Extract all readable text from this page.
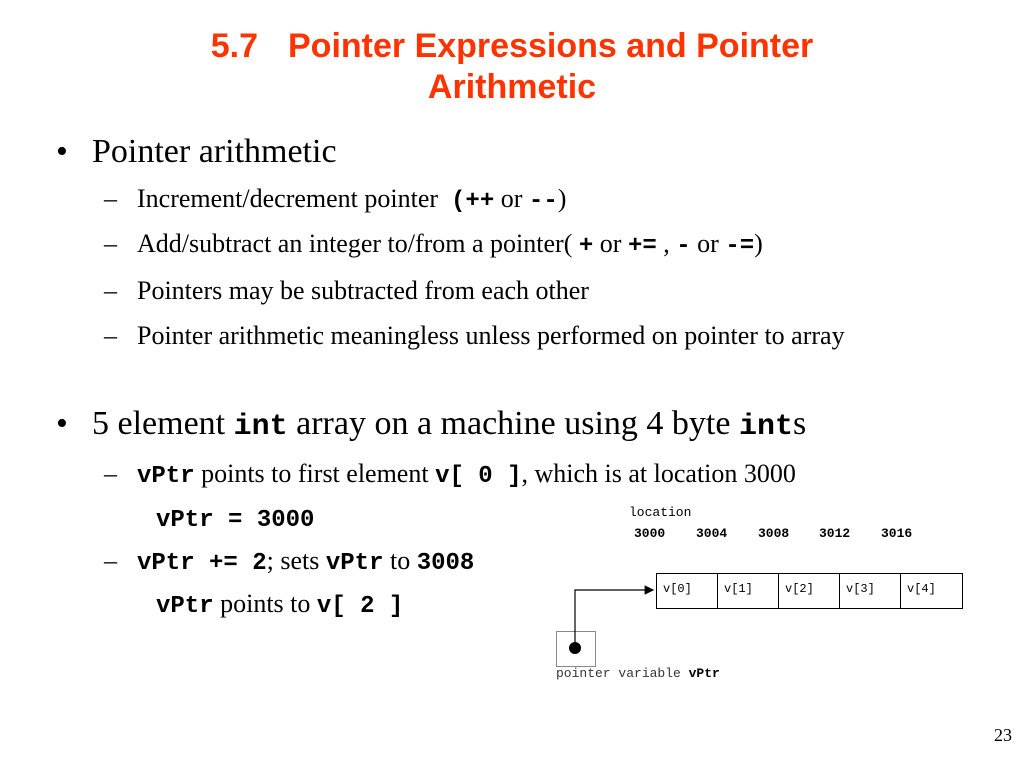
5.7 Pointer Expressions and Pointer
Arithmetic
• Pointer arithmetic
– Increment/decrement pointer (++ or --)
– Add/subtract an integer to/from a pointer( + or += , - or -=)
– Pointers may be subtracted from each other
– Pointer arithmetic meaningless unless performed on pointer to array
• 5 element int array on a machine using 4 byte ints
– vPtr points to first element v[ 0 ], which is at location 3000
vPtr = 3000
– vPtr += 2; sets vPtr to 3008
vPtr points to v[ 2 ]
location
3000 3004 3008 3012 3016
v[0]	v[1]	v[2]	v[3]	v[4]
pointer variable vPtr
23
